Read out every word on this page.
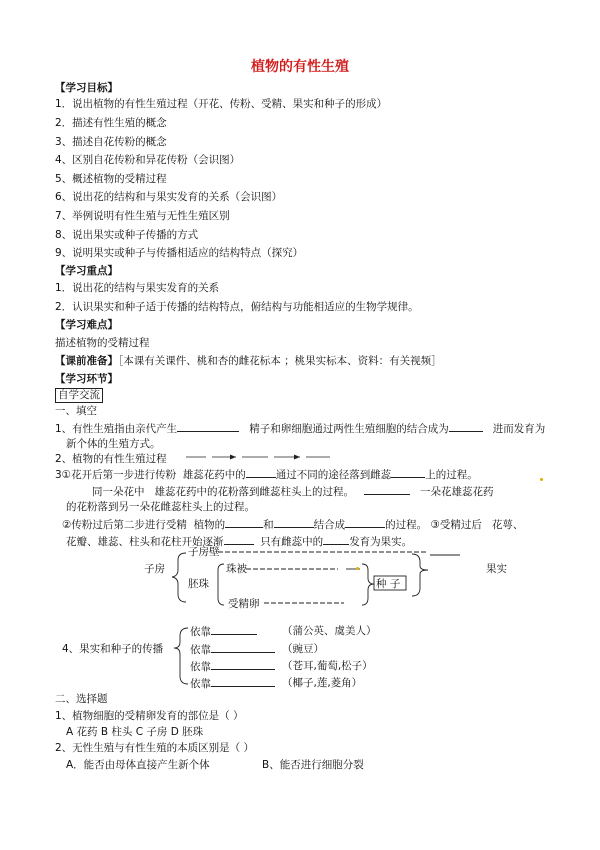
植物的有性生殖
【学习目标】
1．说出植物的有性生殖过程（开花、传粉、受精、果实和种子的形成）
2．描述有性生殖的概念
3、描述自花传粉的概念
4、区别自花传粉和异花传粉（会识图）
5、概述植物的受精过程
6、说出花的结构和与果实发育的关系（会识图）
7、举例说明有性生殖与无性生殖区别
8、说出果实或种子传播的方式
9、说明果实或种子与传播相适应的结构特点（探究）
【学习重点】
1．说出花的结构与果实发育的关系
2．认识果实和种子适于传播的结构特点，俯结构与功能相适应的生物学规律。
【学习难点】
描述植物的受精过程
【课前准备】［本课有关课件、桃和杏的雌花标本 ；桃果实标本、资料：有关视频］
【学习环节】
自学交流
一、填空
1、有性生殖指由亲代产生	精子和卵细胞通过两性生殖细胞的结合成为	进而发育为
新个体的生殖方式。
2、植物的有性生殖过程
3①花开后第一步进行传粉 雄蕊花药中的	通过不同的途径落到雌蕊	上的过程。
同一朵花中 雄蕊花药中的花粉落到雌蕊柱头上的过程。	一朵花雄蕊花药
的花粉落到另一朵花雌蕊柱头上的过程。
②传粉过后第二步进行受精 植物的	和	结合成	的过程。 ③受精过后 花萼、
花瓣、雄蕊、柱头和花柱开始逐渐	只有雌蕊中的 发育为果实。
子房
子房壁
胚珠
珠被
受精卵
种 子
果实
4、果实和种子的传播
依靠	（蒲公英、虞美人）
依靠	（豌豆）
依靠	（苍耳,葡萄,松子）
依靠	（椰子,莲,菱角）
二、选择题
1、植物细胞的受精卵发育的部位是（ ）
A 花药 B 柱头 C 子房 D 胚珠
2、无性生殖与有性生殖的本质区别是（ ）
A．能否由母体直接产生新个体	B、能否进行细胞分裂
